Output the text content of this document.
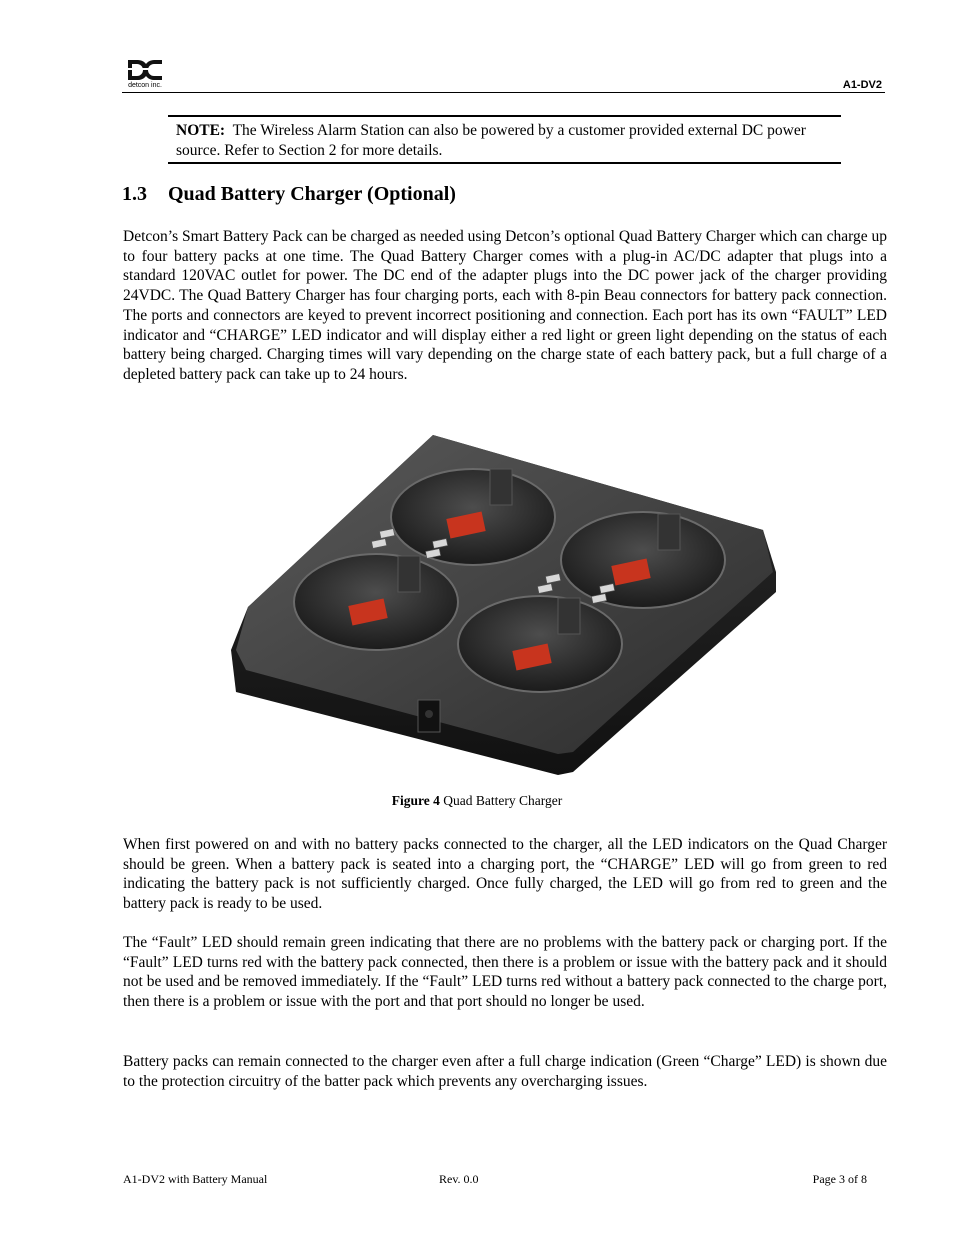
detcon inc.	A1-DV2
NOTE: The Wireless Alarm Station can also be powered by a customer provided external DC power source. Refer to Section 2 for more details.
1.3 Quad Battery Charger (Optional)
Detcon’s Smart Battery Pack can be charged as needed using Detcon’s optional Quad Battery Charger which can charge up to four battery packs at one time. The Quad Battery Charger comes with a plug-in AC/DC adapter that plugs into a standard 120VAC outlet for power. The DC end of the adapter plugs into the DC power jack of the charger providing 24VDC. The Quad Battery Charger has four charging ports, each with 8-pin Beau connectors for battery pack connection. The ports and connectors are keyed to prevent incorrect positioning and connection. Each port has its own “FAULT” LED indicator and “CHARGE” LED indicator and will display either a red light or green light depending on the status of each battery being charged. Charging times will vary depending on the charge state of each battery pack, but a full charge of a depleted battery pack can take up to 24 hours.
Figure 4 Quad Battery Charger
When first powered on and with no battery packs connected to the charger, all the LED indicators on the Quad Charger should be green. When a battery pack is seated into a charging port, the “CHARGE” LED will go from green to red indicating the battery pack is not sufficiently charged. Once fully charged, the LED will go from red to green and the battery pack is ready to be used.
The “Fault” LED should remain green indicating that there are no problems with the battery pack or charging port. If the “Fault” LED turns red with the battery pack connected, then there is a problem or issue with the battery pack and it should not be used and be removed immediately. If the “Fault” LED turns red without a battery pack connected to the charge port, then there is a problem or issue with the port and that port should no longer be used.
Battery packs can remain connected to the charger even after a full charge indication (Green “Charge” LED) is shown due to the protection circuitry of the batter pack which prevents any overcharging issues.
A1-DV2 with Battery Manual	Rev. 0.0	Page 3 of 8
